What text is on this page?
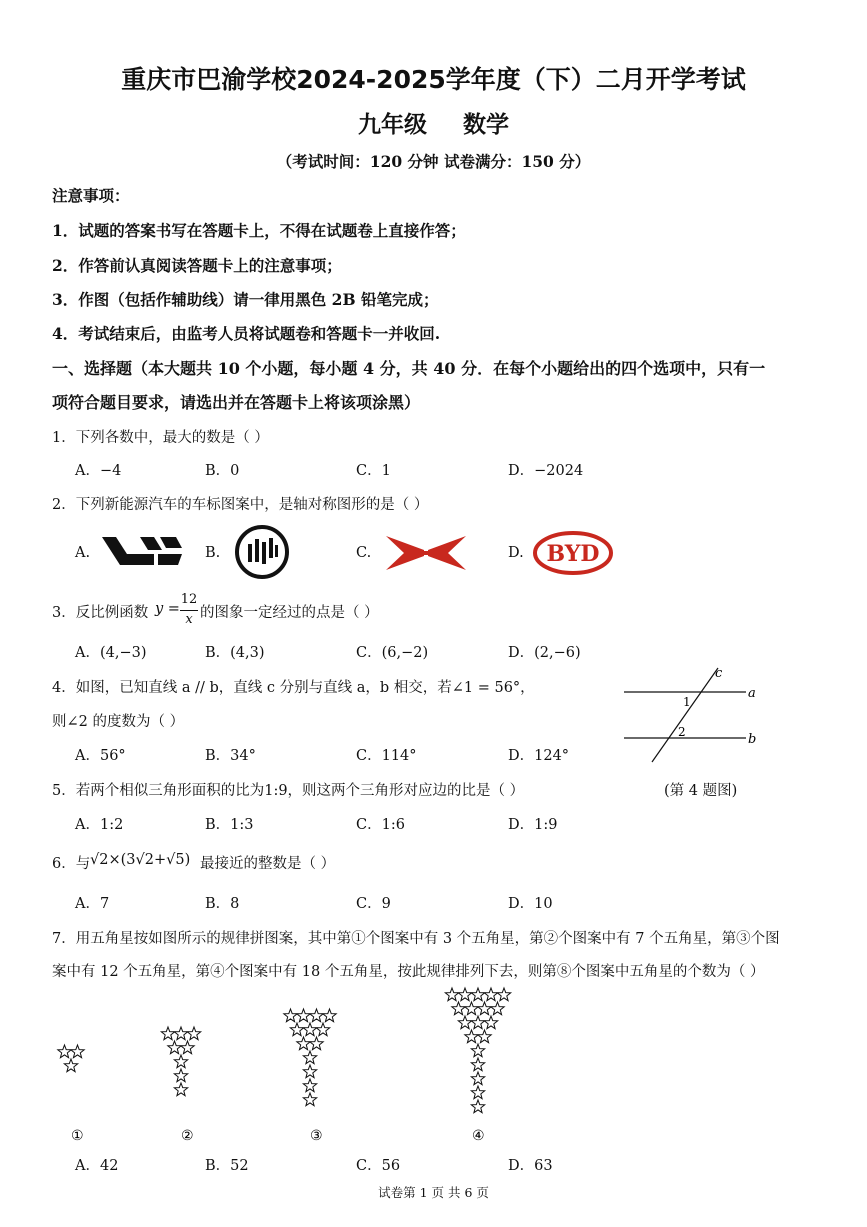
重庆市巴渝学校2024-2025学年度（下）二月开学考试
九年级 数学
（考试时间：120 分钟 试卷满分：150 分）
注意事项：
1．试题的答案书写在答题卡上，不得在试题卷上直接作答；
2．作答前认真阅读答题卡上的注意事项；
3．作图（包括作辅助线）请一律用黑色 2B 铅笔完成；
4．考试结束后，由监考人员将试题卷和答题卡一并收回.
一、选择题（本大题共 10 个小题，每小题 4 分，共 40 分．在每个小题给出的四个选项中，只有一
项符合题目要求，请选出并在答题卡上将该项涂黑）
1．下列各数中，最大的数是（ ）
A．−4	B．0	C．1	D．−2024
2．下列新能源汽车的车标图案中，是轴对称图形的是（ ）
A.	B.	C.	D. BYD
3．反比例函数 y =
12
x 的图象一定经过的点是（ ）
A．(4,−3)	B．(4,3)	C．(6,−2)	D．(2,−6)
4．如图，已知直线 a // b，直线 c 分别与直线 a，b 相交，若∠1 = 56°，
则∠2 的度数为（ ）
A．56°	B．34°	C．114°	D．124°
c
a
b
1
2
(第 4 题图)
5．若两个相似三角形面积的比为1:9，则这两个三角形对应边的比是（ ）
A．1:2	B．1:3	C．1:6	D．1:9
6．与 √2×(3√2+√5) 最接近的整数是（ ）
A．7	B．8	C．9	D．10
7．用五角星按如图所示的规律拼图案，其中第①个图案中有 3 个五角星，第②个图案中有 7 个五角星，第③个图
案中有 12 个五角星，第④个图案中有 18 个五角星，按此规律排列下去，则第⑧个图案中五角星的个数为（ ）
①	②	③	④
A．42	B．52	C．56	D．63
试卷第 1 页 共 6 页
